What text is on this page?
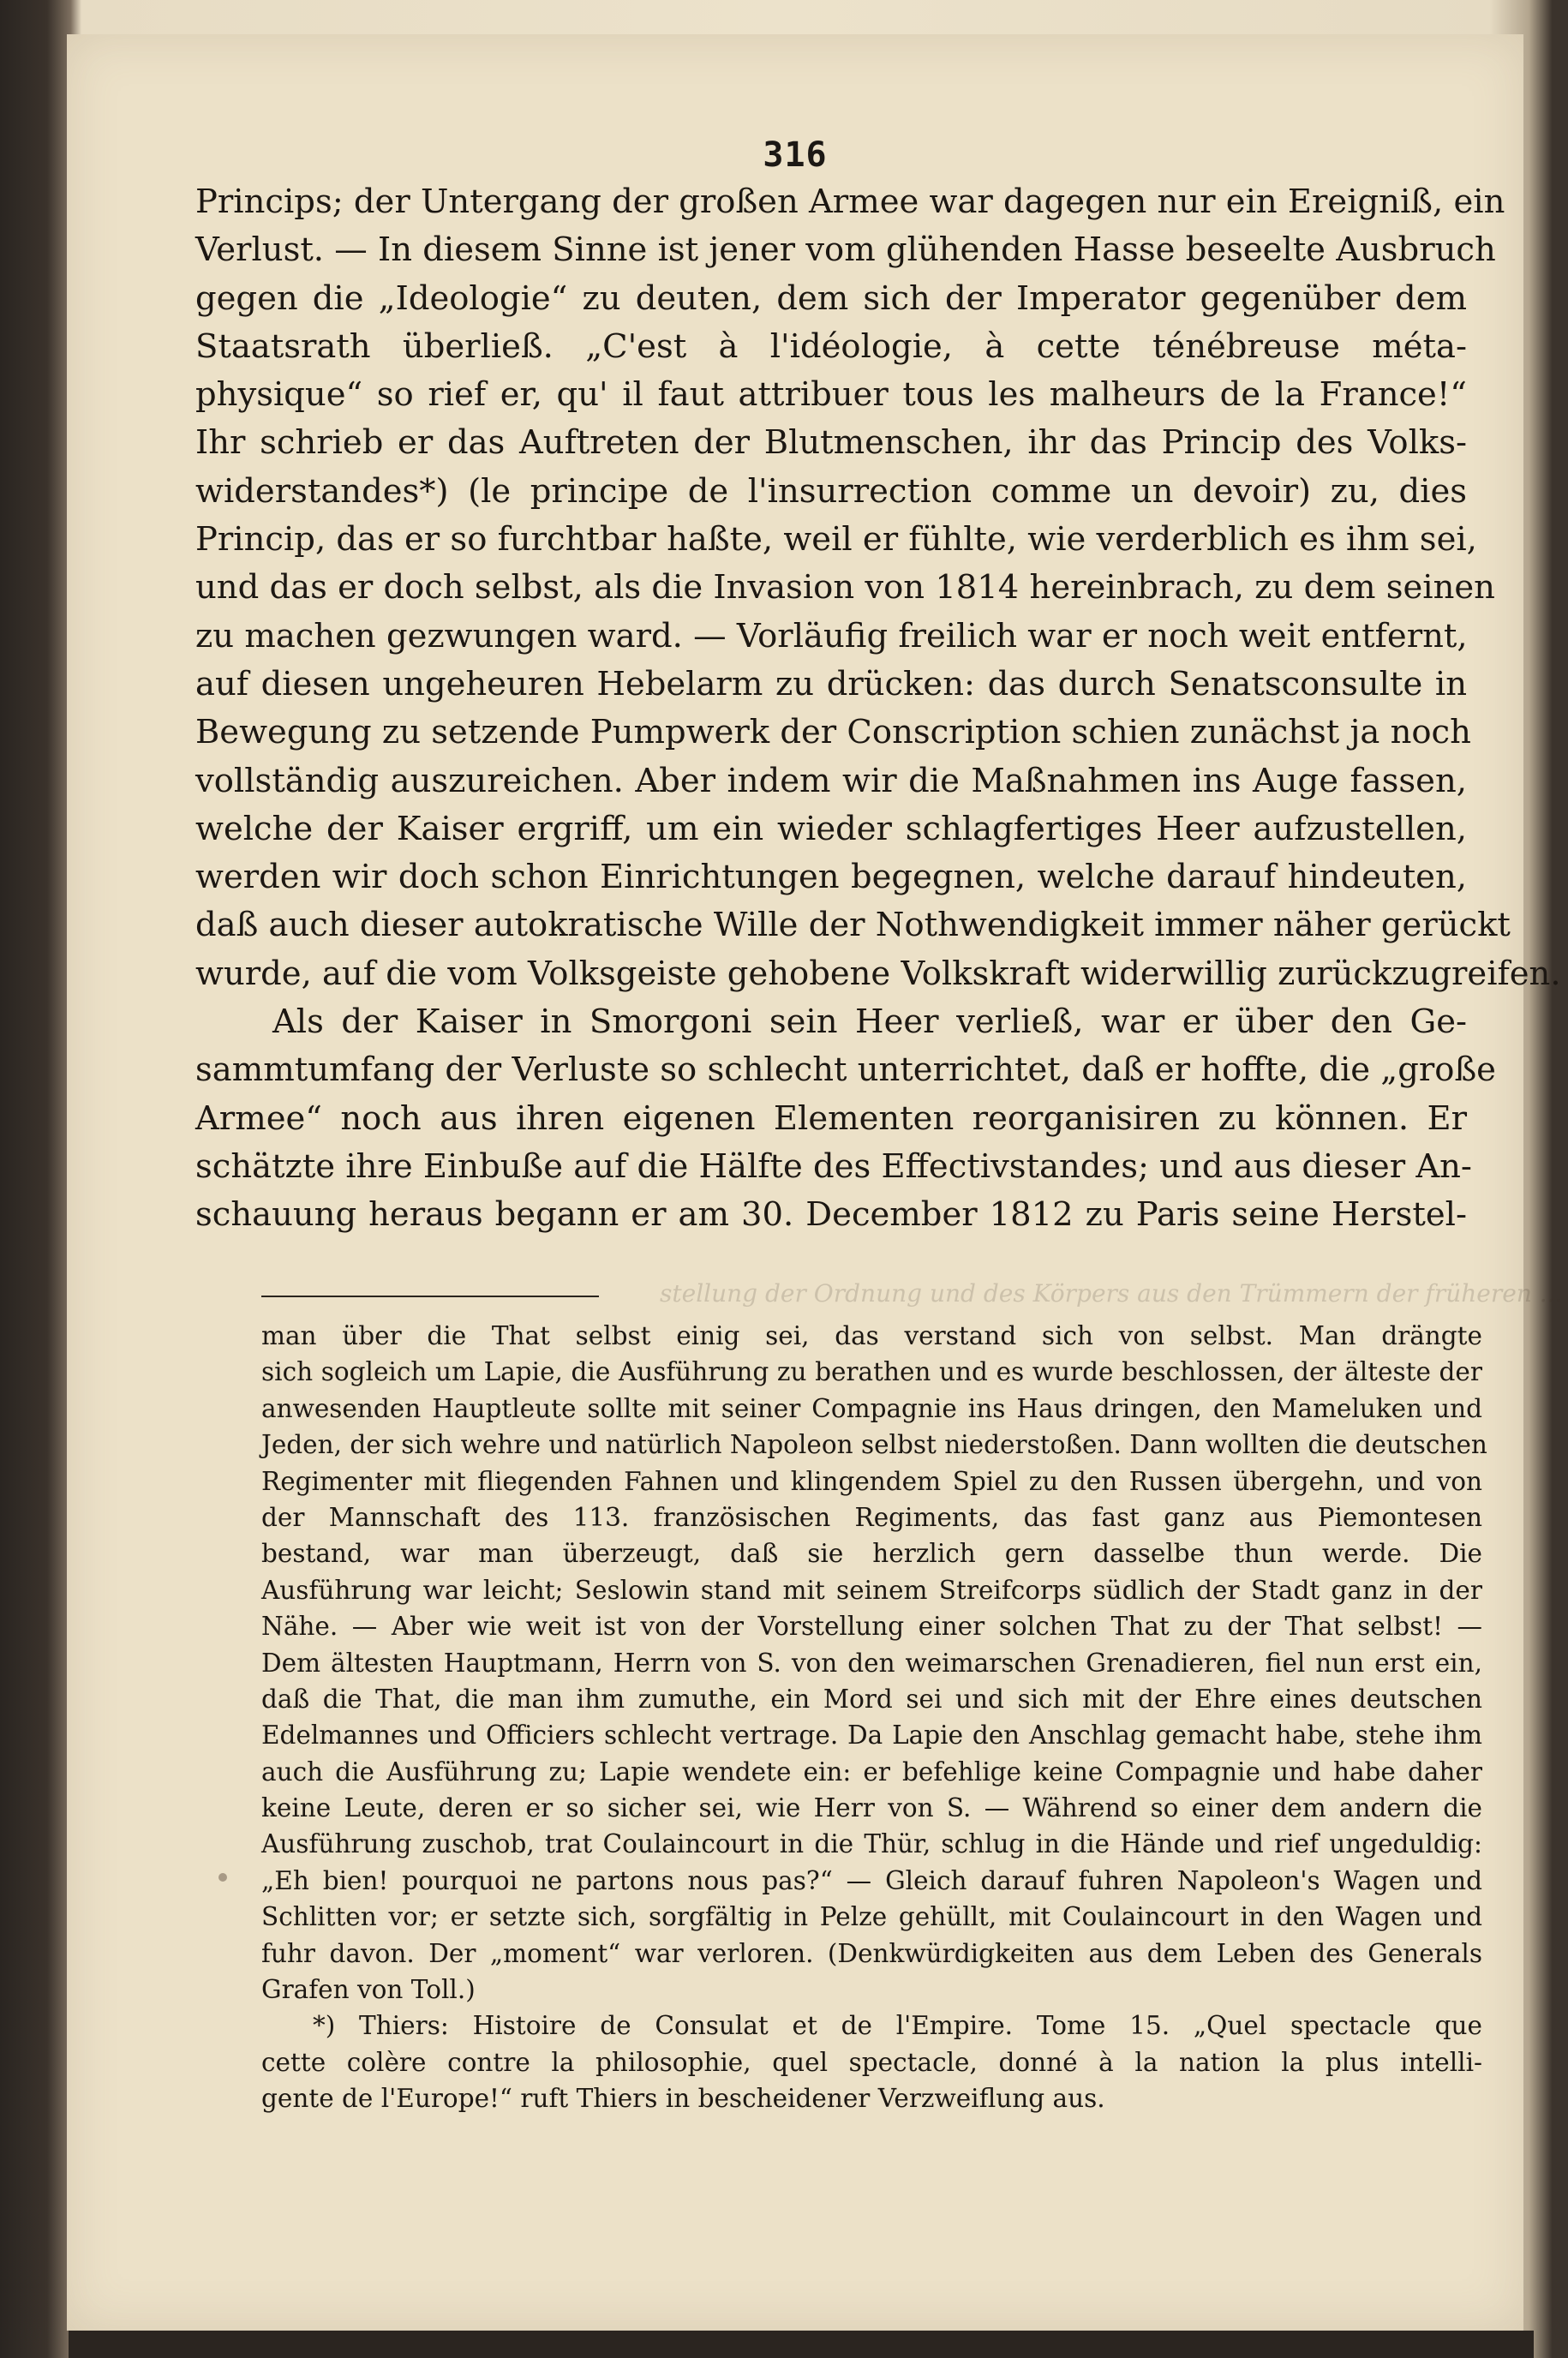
316
Princips; der Untergang der großen Armee war dagegen nur ein Ereigniß, ein
Verlust. — In diesem Sinne ist jener vom glühenden Hasse beseelte Ausbruch
gegen die „Ideologie“ zu deuten, dem sich der Imperator gegenüber dem
Staatsrath überließ. „C'est à l'idéologie, à cette ténébreuse méta-
physique“ so rief er, qu' il faut attribuer tous les malheurs de la France!“
Ihr schrieb er das Auftreten der Blutmenschen, ihr das Princip des Volks-
widerstandes*) (le principe de l'insurrection comme un devoir) zu, dies
Princip, das er so furchtbar haßte, weil er fühlte, wie verderblich es ihm sei,
und das er doch selbst, als die Invasion von 1814 hereinbrach, zu dem seinen
zu machen gezwungen ward. — Vorläufig freilich war er noch weit entfernt,
auf diesen ungeheuren Hebelarm zu drücken: das durch Senatsconsulte in
Bewegung zu setzende Pumpwerk der Conscription schien zunächst ja noch
vollständig auszureichen. Aber indem wir die Maßnahmen ins Auge fassen,
welche der Kaiser ergriff, um ein wieder schlagfertiges Heer aufzustellen,
werden wir doch schon Einrichtungen begegnen, welche darauf hindeuten,
daß auch dieser autokratische Wille der Nothwendigkeit immer näher gerückt
wurde, auf die vom Volksgeiste gehobene Volkskraft widerwillig zurückzugreifen.
Als der Kaiser in Smorgoni sein Heer verließ, war er über den Ge-
sammtumfang der Verluste so schlecht unterrichtet, daß er hoffte, die „große
Armee“ noch aus ihren eigenen Elementen reorganisiren zu können. Er
schätzte ihre Einbuße auf die Hälfte des Effectivstandes; und aus dieser An-
schauung heraus begann er am 30. December 1812 zu Paris seine Herstel-
stellung der Ordnung und des Körpers aus den Trümmern der früheren ...
man über die That selbst einig sei, das verstand sich von selbst. Man drängte
sich sogleich um Lapie, die Ausführung zu berathen und es wurde beschlossen, der älteste der
anwesenden Hauptleute sollte mit seiner Compagnie ins Haus dringen, den Mameluken und
Jeden, der sich wehre und natürlich Napoleon selbst niederstoßen. Dann wollten die deutschen
Regimenter mit fliegenden Fahnen und klingendem Spiel zu den Russen übergehn, und von
der Mannschaft des 113. französischen Regiments, das fast ganz aus Piemontesen
bestand, war man überzeugt, daß sie herzlich gern dasselbe thun werde. Die
Ausführung war leicht; Seslowin stand mit seinem Streifcorps südlich der Stadt ganz in der
Nähe. — Aber wie weit ist von der Vorstellung einer solchen That zu der That selbst! —
Dem ältesten Hauptmann, Herrn von S. von den weimarschen Grenadieren, fiel nun erst ein,
daß die That, die man ihm zumuthe, ein Mord sei und sich mit der Ehre eines deutschen
Edelmannes und Officiers schlecht vertrage. Da Lapie den Anschlag gemacht habe, stehe ihm
auch die Ausführung zu; Lapie wendete ein: er befehlige keine Compagnie und habe daher
keine Leute, deren er so sicher sei, wie Herr von S. — Während so einer dem andern die
Ausführung zuschob, trat Coulaincourt in die Thür, schlug in die Hände und rief ungeduldig:
„Eh bien! pourquoi ne partons nous pas?“ — Gleich darauf fuhren Napoleon's Wagen und
Schlitten vor; er setzte sich, sorgfältig in Pelze gehüllt, mit Coulaincourt in den Wagen und
fuhr davon. Der „moment“ war verloren. (Denkwürdigkeiten aus dem Leben des Generals
Grafen von Toll.)
*) Thiers: Histoire de Consulat et de l'Empire. Tome 15. „Quel spectacle que
cette colère contre la philosophie, quel spectacle, donné à la nation la plus intelli-
gente de l'Europe!“ ruft Thiers in bescheidener Verzweiflung aus.
